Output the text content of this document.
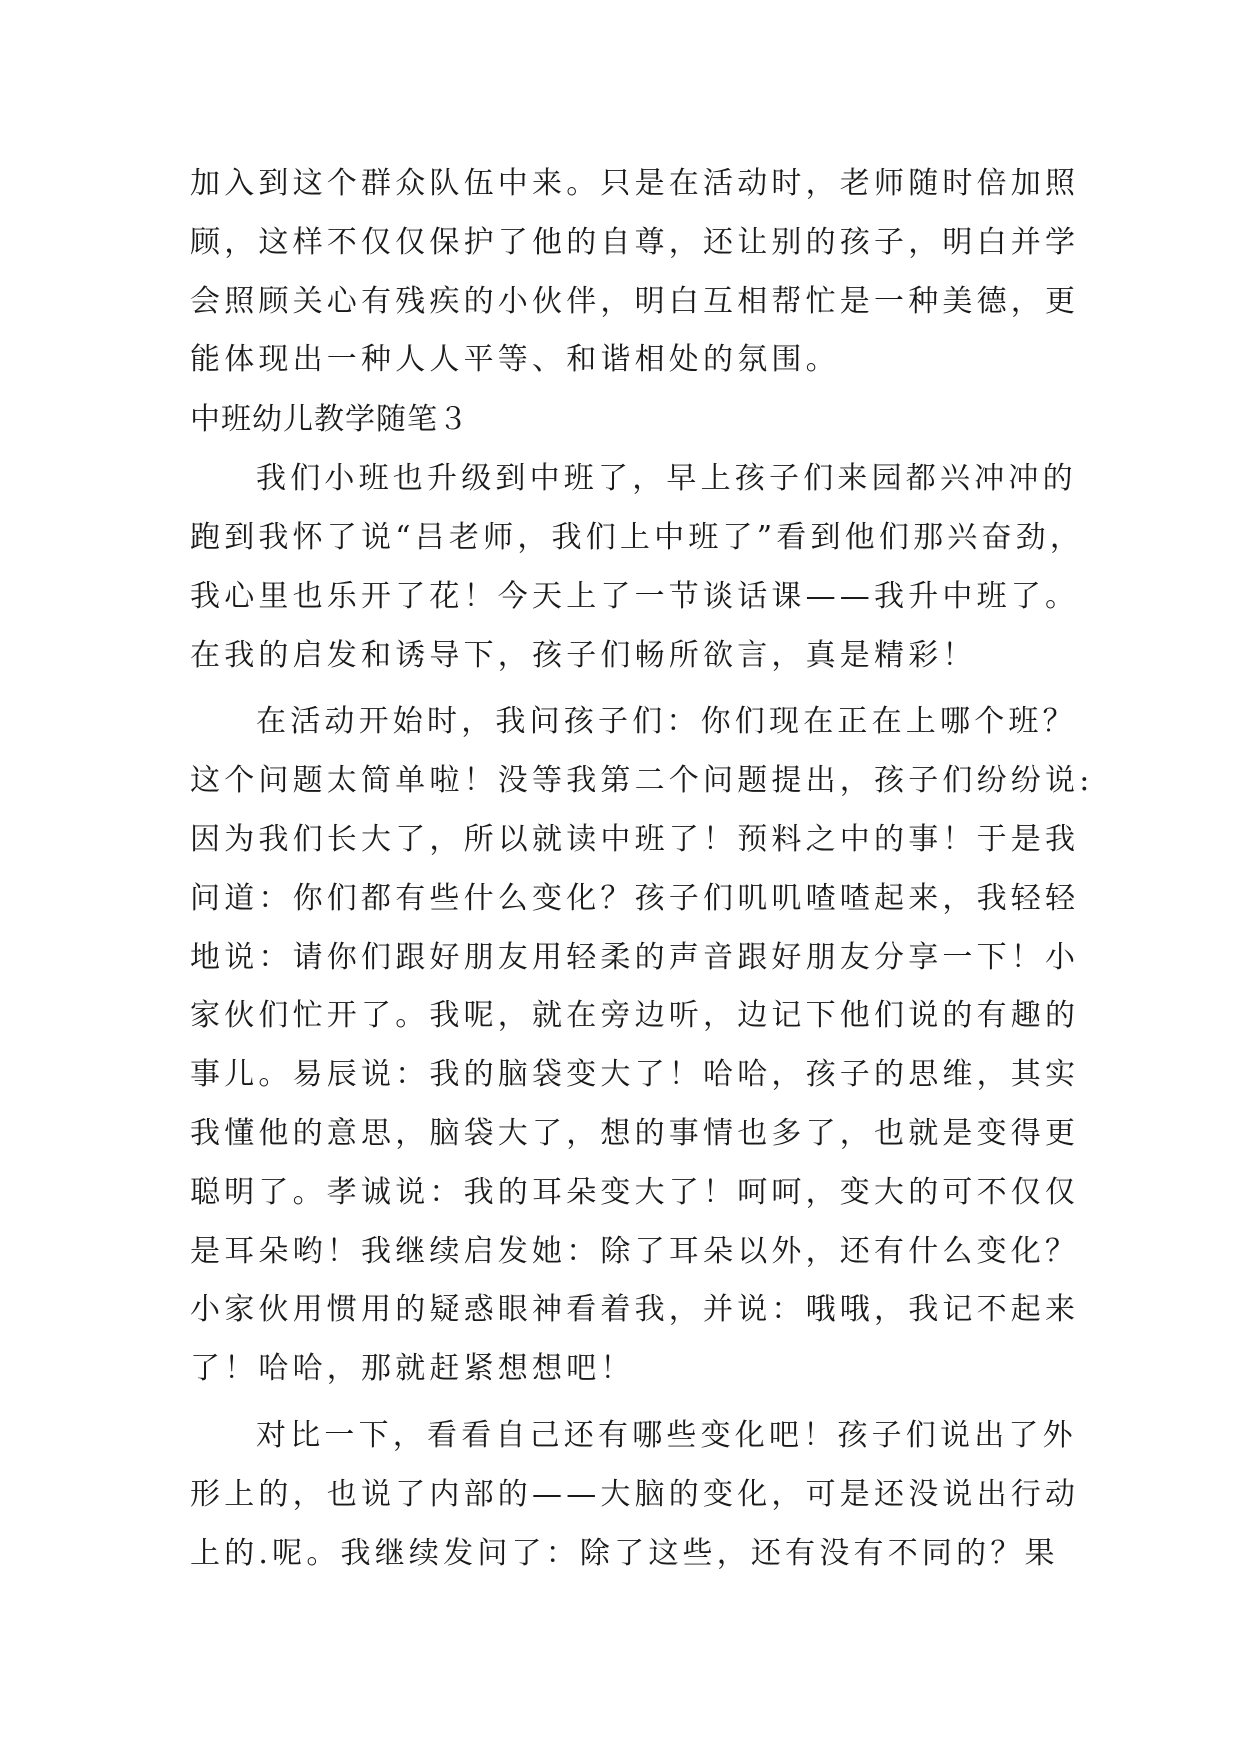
加入到这个群众队伍中来。只是在活动时，老师随时倍加照
顾，这样不仅仅保护了他的自尊，还让别的孩子，明白并学
会照顾关心有残疾的小伙伴，明白互相帮忙是一种美德，更
能体现出一种人人平等、和谐相处的氛围。
中班幼儿教学随笔３
我们小班也升级到中班了，早上孩子们来园都兴冲冲的
跑到我怀了说“吕老师，我们上中班了”看到他们那兴奋劲，
我心里也乐开了花！今天上了一节谈话课——我升中班了。
在我的启发和诱导下，孩子们畅所欲言，真是精彩！
在活动开始时，我问孩子们：你们现在正在上哪个班？
这个问题太简单啦！没等我第二个问题提出，孩子们纷纷说:
因为我们长大了，所以就读中班了！预料之中的事！于是我
问道：你们都有些什么变化？孩子们叽叽喳喳起来，我轻轻
地说：请你们跟好朋友用轻柔的声音跟好朋友分享一下！小
家伙们忙开了。我呢，就在旁边听，边记下他们说的有趣的
事儿。易辰说：我的脑袋变大了！哈哈，孩子的思维，其实
我懂他的意思，脑袋大了，想的事情也多了，也就是变得更
聪明了。孝诚说：我的耳朵变大了！呵呵，变大的可不仅仅
是耳朵哟！我继续启发她：除了耳朵以外，还有什么变化？
小家伙用惯用的疑惑眼神看着我，并说：哦哦，我记不起来
了！哈哈，那就赶紧想想吧！
对比一下，看看自己还有哪些变化吧！孩子们说出了外
形上的，也说了内部的——大脑的变化，可是还没说出行动
上的.呢。我继续发问了：除了这些，还有没有不同的？果
